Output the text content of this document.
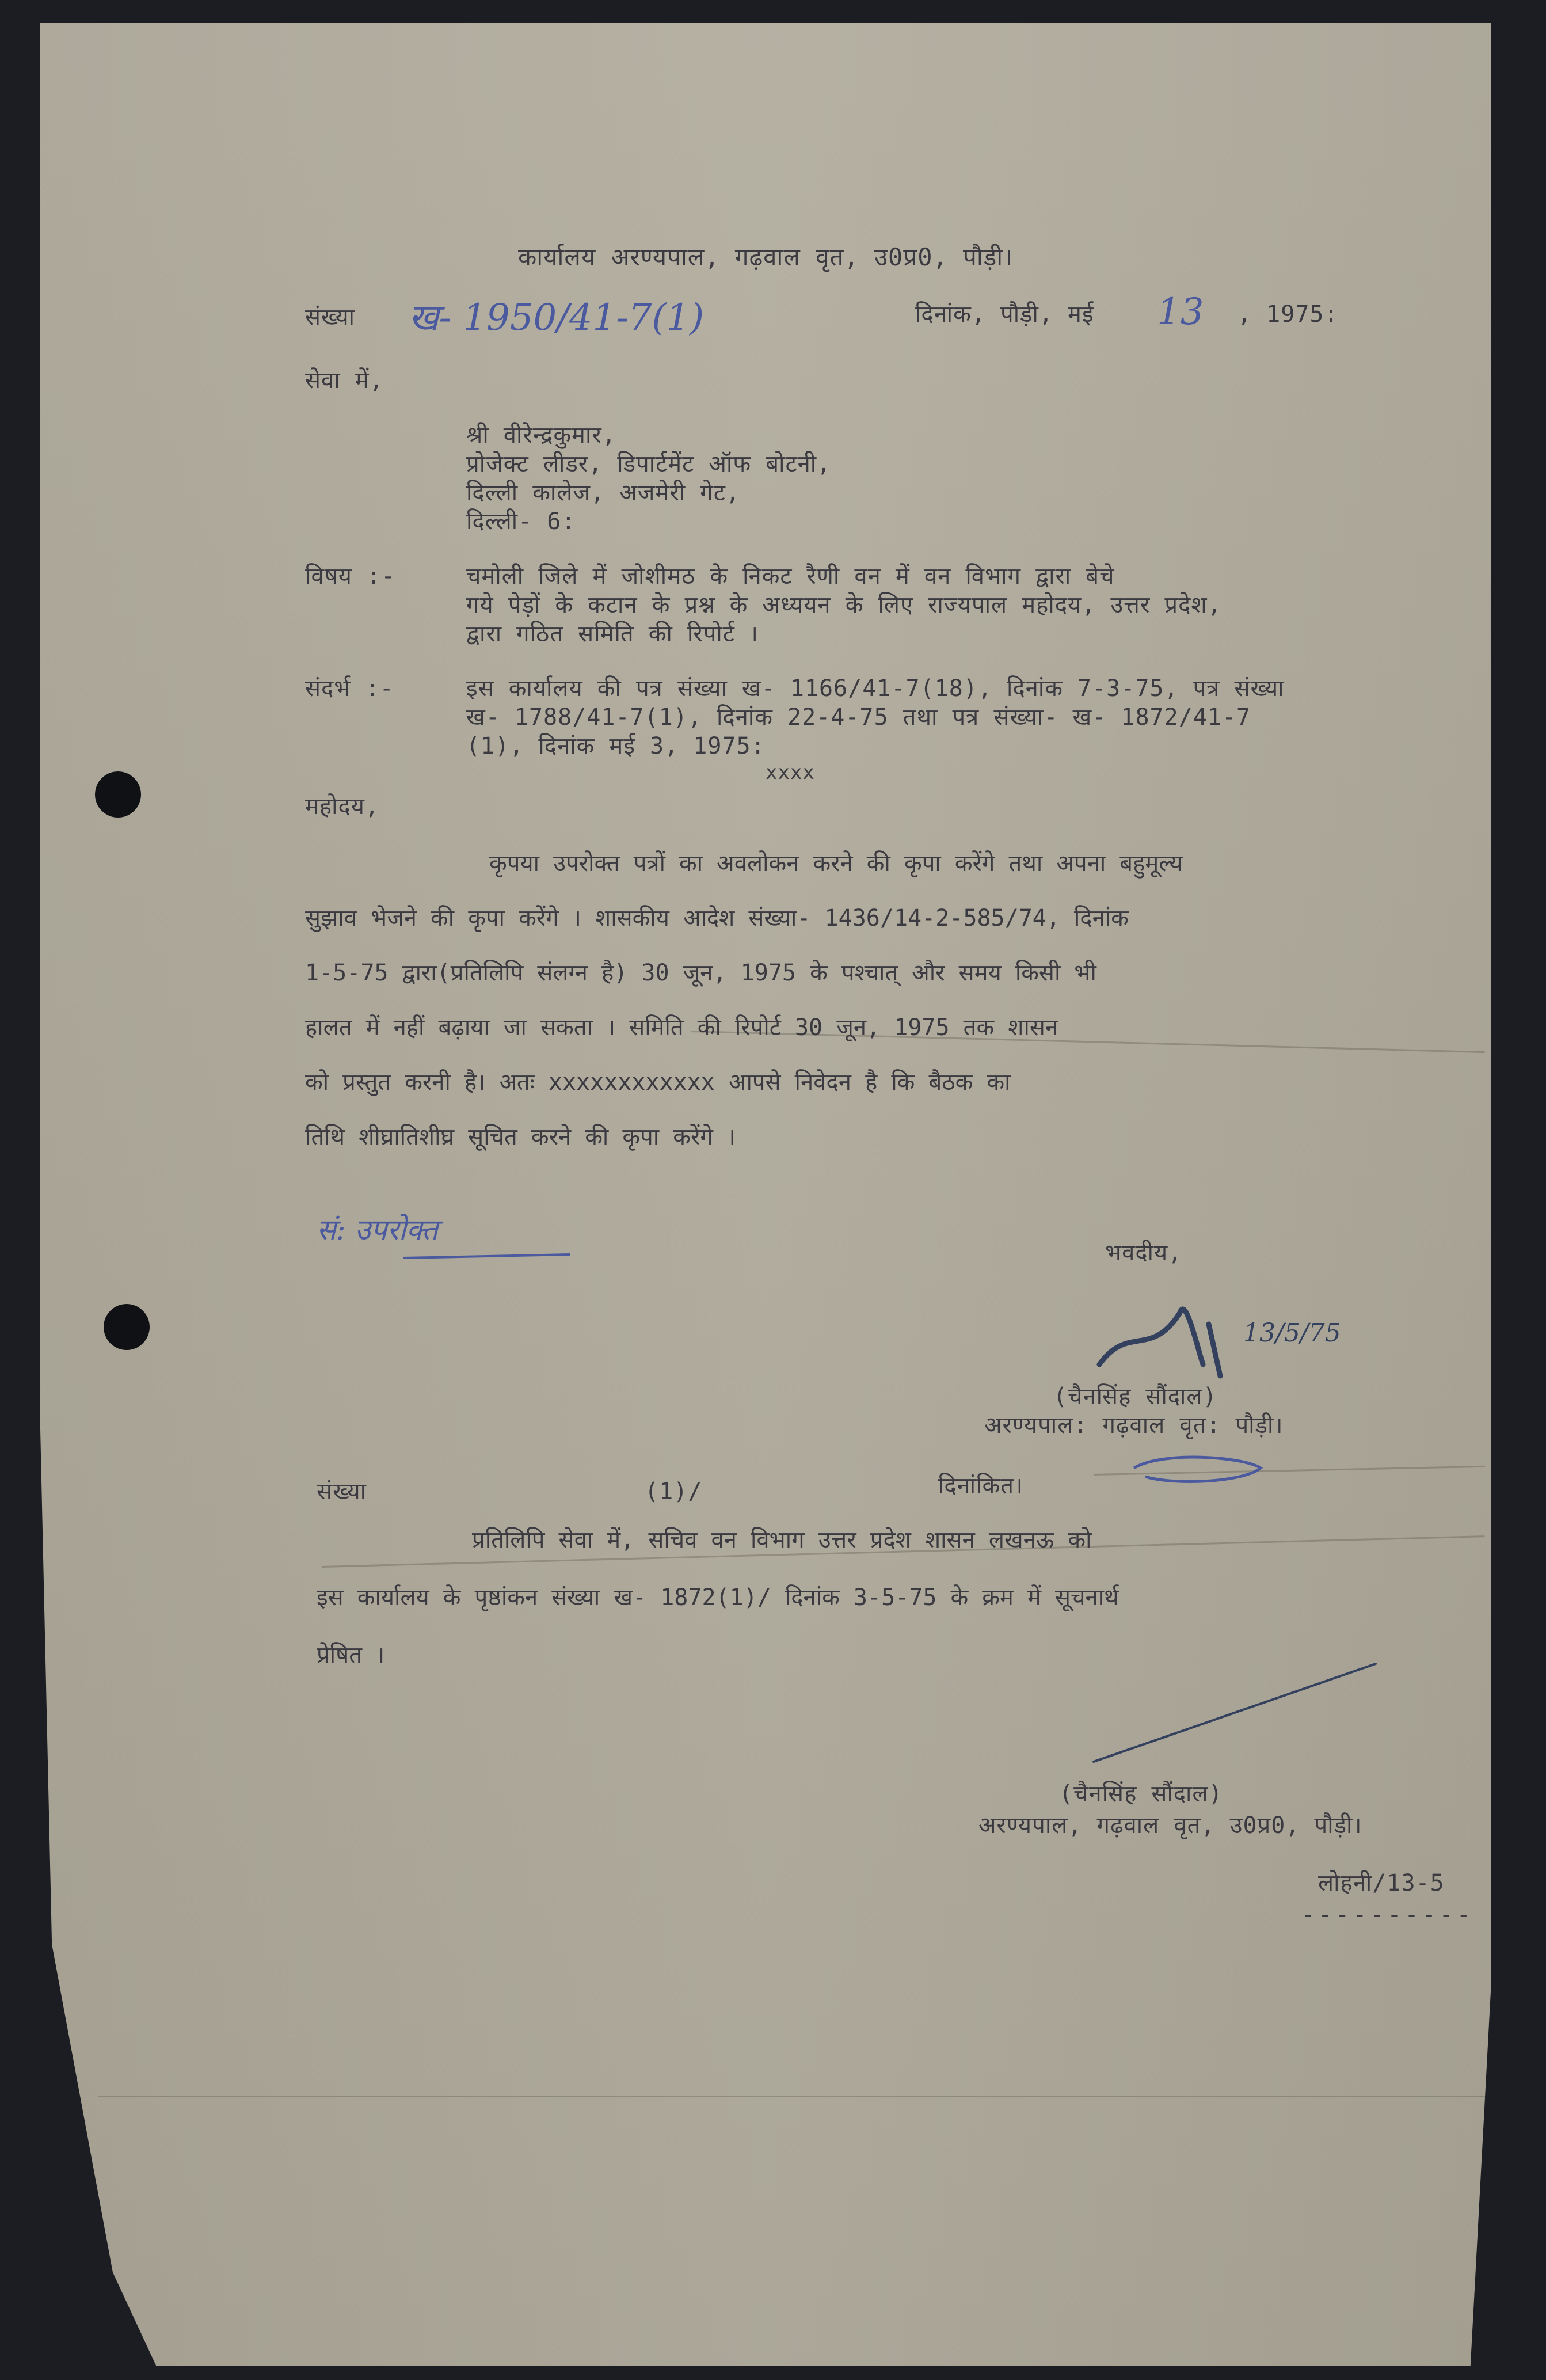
कार्यालय अरण्यपाल, गढ़वाल वृत, उ0प्र0, पौड़ी।
संख्या ख- 1950/41-7(1)	दिनांक, पौड़ी, मई 13 , 1975:
सेवा में,
श्री वीरेन्द्रकुमार,
प्रोजेक्ट लीडर, डिपार्टमेंट ऑफ बोटनी,
दिल्ली कालेज, अजमेरी गेट,
दिल्ली- 6:
विषय :-	चमोली जिले में जोशीमठ के निकट रैणी वन में वन विभाग द्वारा बेचे
गये पेड़ों के कटान के प्रश्न के अध्ययन के लिए राज्यपाल महोदय, उत्तर प्रदेश,
द्वारा गठित समिति की रिपोर्ट ।
संदर्भ :-	इस कार्यालय की पत्र संख्या ख- 1166/41-7(18), दिनांक 7-3-75, पत्र संख्या
ख- 1788/41-7(1), दिनांक 22-4-75 तथा पत्र संख्या- ख- 1872/41-7
(1), दिनांक मई 3, 1975:
xxxx
महोदय,
कृपया उपरोक्त पत्रों का अवलोकन करने की कृपा करेंगे तथा अपना बहुमूल्य
सुझाव भेजने की कृपा करेंगे । शासकीय आदेश संख्या- 1436/14-2-585/74, दिनांक
1-5-75 द्वारा(प्रतिलिपि संलग्न है) 30 जून, 1975 के पश्चात् और समय किसी भी
हालत में नहीं बढ़ाया जा सकता । समिति की रिपोर्ट 30 जून, 1975 तक शासन
को प्रस्तुत करनी है। अतः xxxxxxxxxxxx आपसे निवेदन है कि बैठक का
तिथि शीघ्रातिशीघ्र सूचित करने की कृपा करेंगे ।
सं: उपरोक्त
भवदीय,
13/5/75
(चैनसिंह सौंदाल)
अरण्यपाल: गढ़वाल वृत: पौड़ी।
संख्या	(1)/	दिनांकित।
प्रतिलिपि सेवा में, सचिव वन विभाग उत्तर प्रदेश शासन लखनऊ को
इस कार्यालय के पृष्ठांकन संख्या ख- 1872(1)/ दिनांक 3-5-75 के क्रम में सूचनार्थ
प्रेषित ।
(चैनसिंह सौंदाल)
अरण्यपाल, गढ़वाल वृत, उ0प्र0, पौड़ी।
लोहनी/13-5
----------
